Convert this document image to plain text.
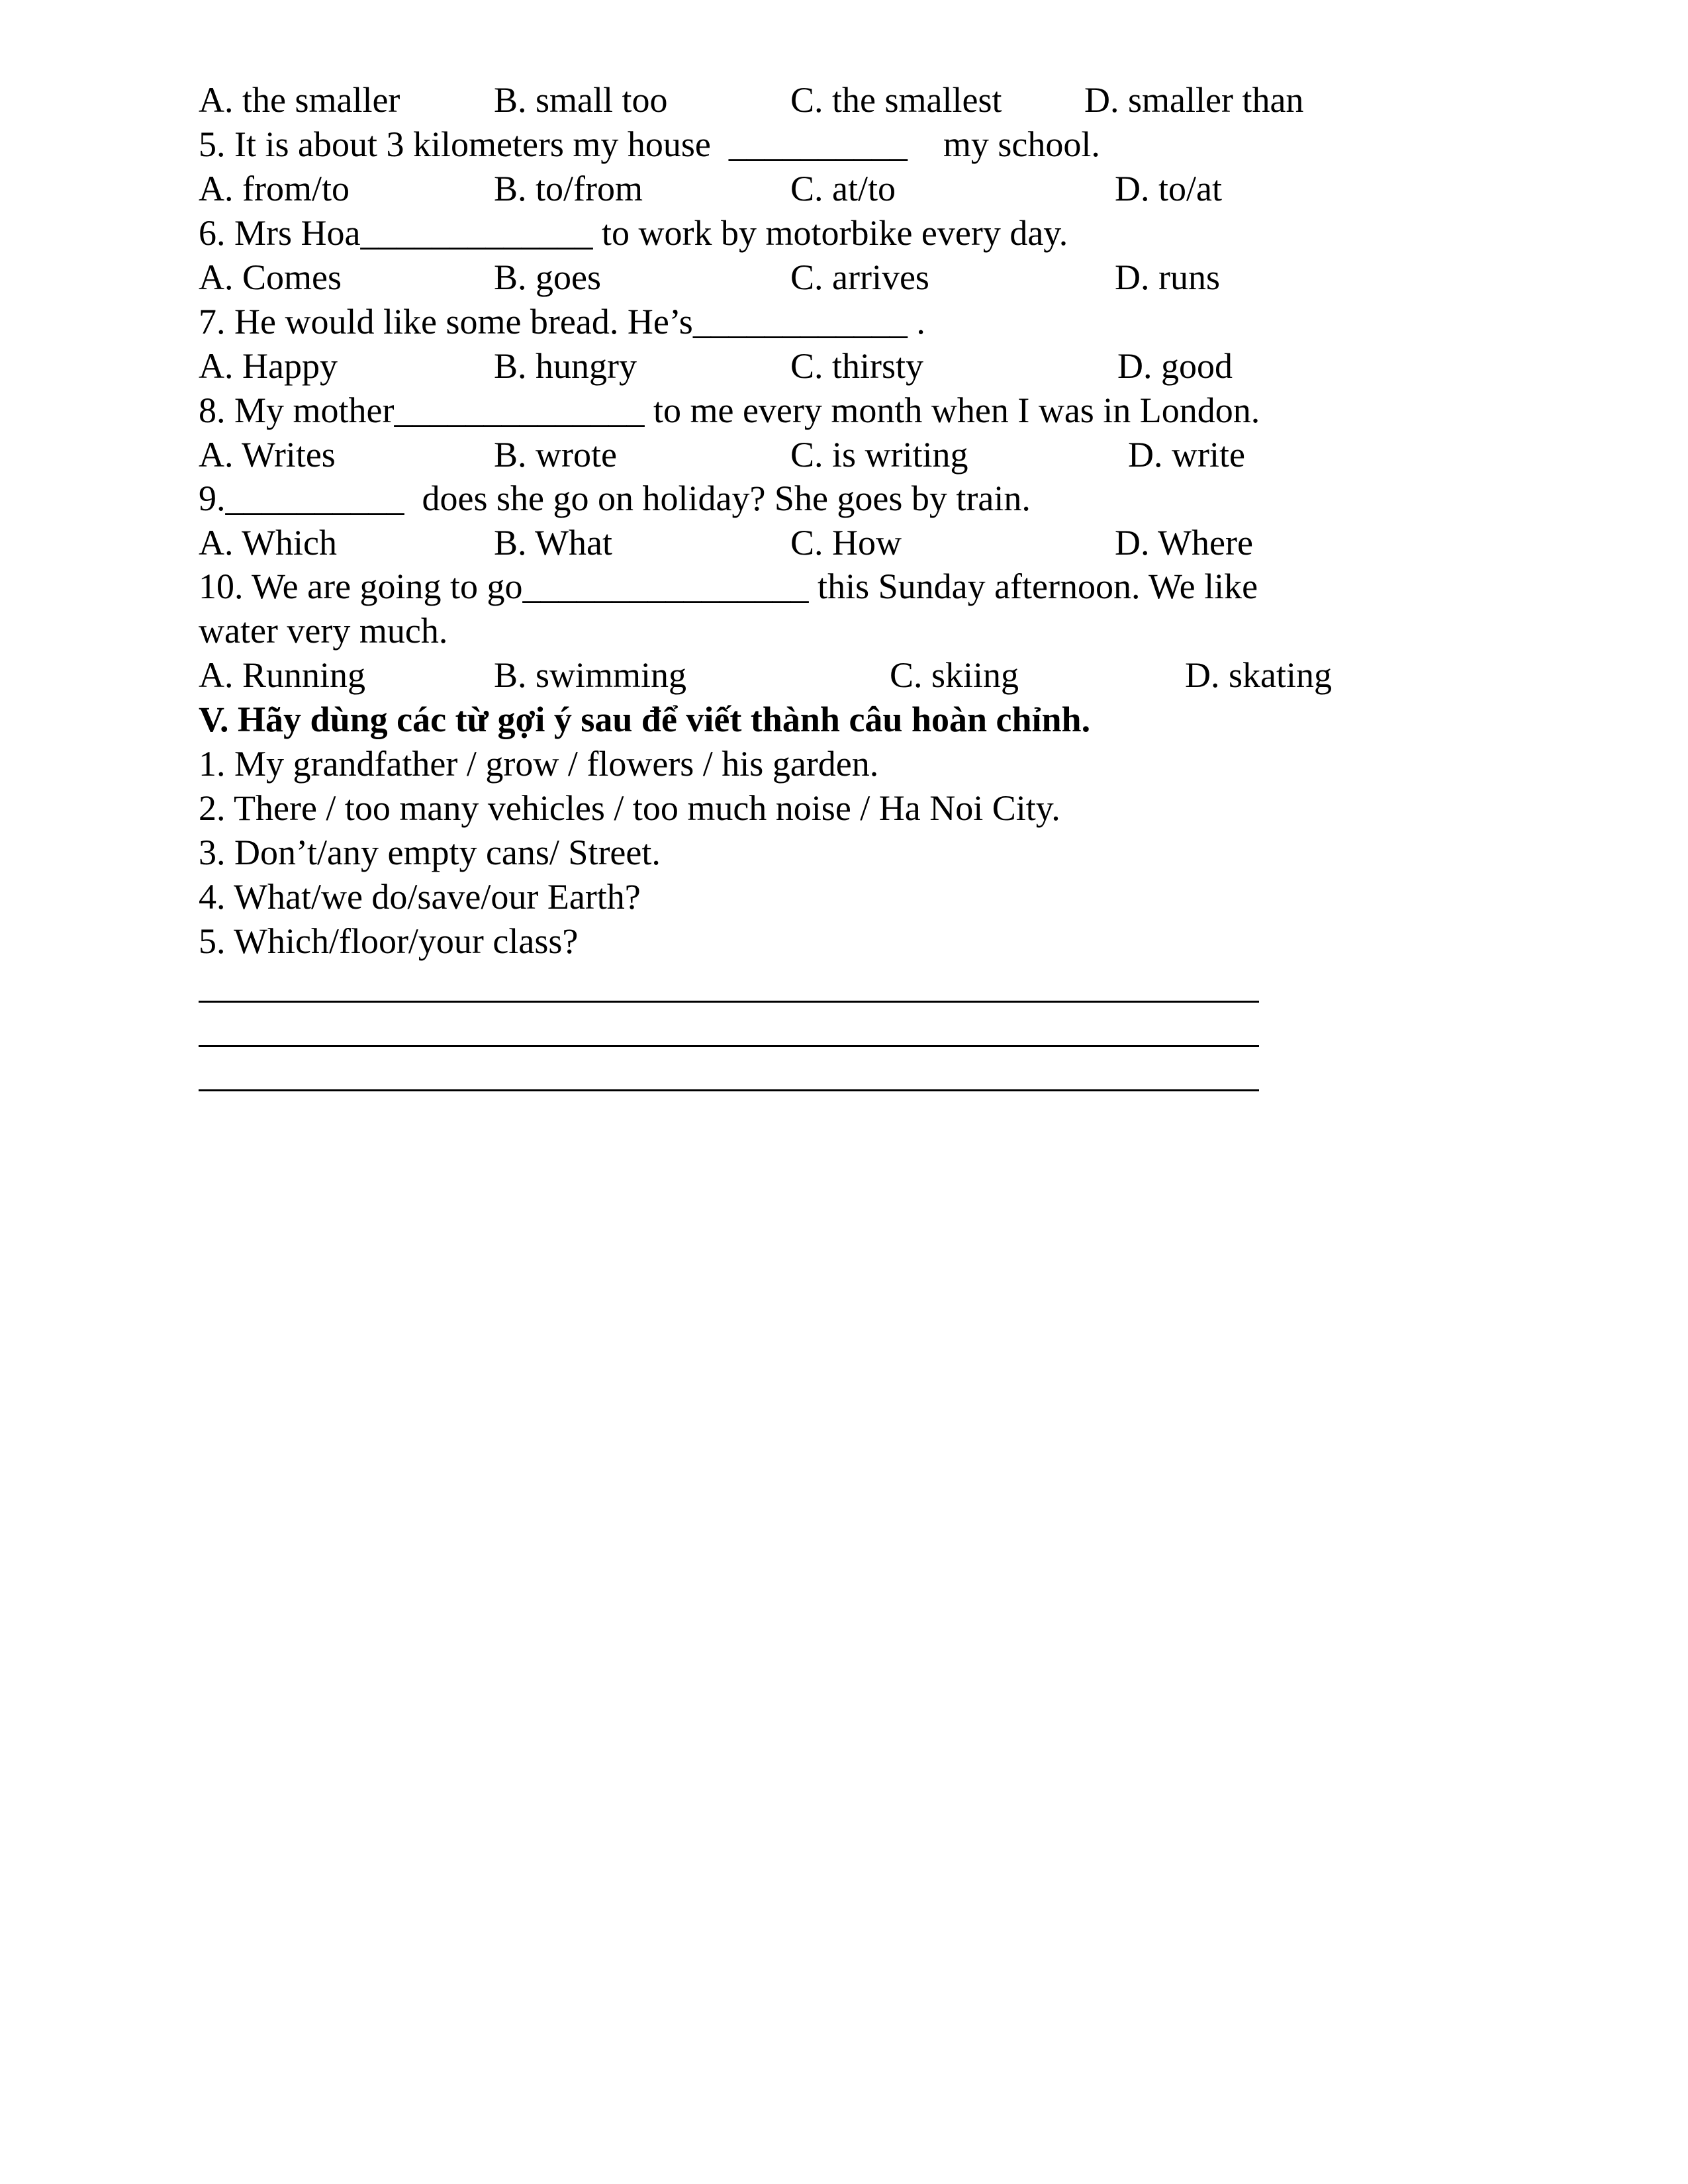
A. the smaller	B. small too	C. the smallest D. smaller than
5. It is about 3 kilometers my house  __________    my school.
A. from/to	B. to/from	C. at/to	D. to/at
6. Mrs Hoa_____________ to work by motorbike every day.
A. Comes	B. goes	C. arrives	D. runs
7. He would like some bread. He’s____________ .
A. Happy	B. hungry	C. thirsty	D. good
8. My mother______________ to me every month when I was in London.
A. Writes	B. wrote	C. is writing	D. write
9.__________  does she go on holiday? She goes by train.
A. Which	B. What	C. How	D. Where
10. We are going to go________________ this Sunday afternoon. We like
water very much.
A. Running	B. swimming	C. skiing	D. skating
V. Hãy dùng các từ gợi ý sau để viết thành câu hoàn chỉnh.
1. My grandfather / grow / flowers / his garden.
2. There / too many vehicles / too much noise / Ha Noi City.
3. Don’t/any empty cans/ Street.
4. What/we do/save/our Earth?
5. Which/floor/your class?
